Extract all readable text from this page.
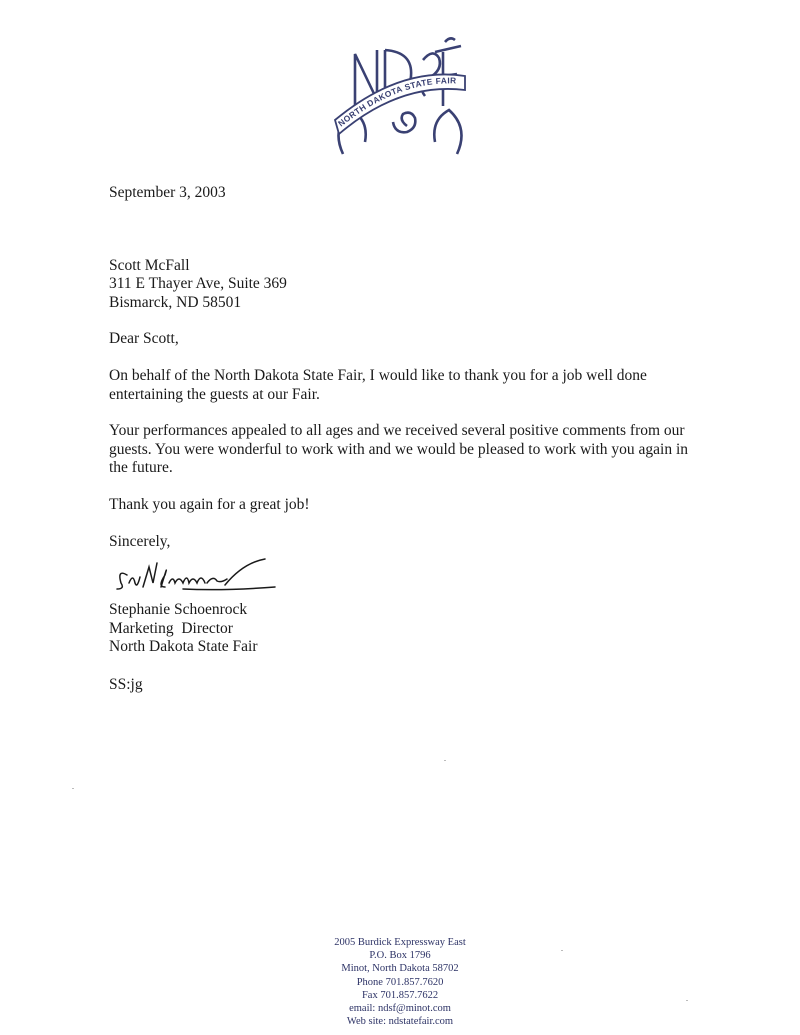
NORTH DAKOTA STATE FAIR

September 3, 2003

Scott McFall
311 E Thayer Ave, Suite 369
Bismarck, ND 58501
Dear Scott,

On behalf of the North Dakota State Fair, I would like to thank you for a job well done entertaining the guests at our Fair.

Your performances appealed to all ages and we received several positive comments from our guests. You were wonderful to work with and we would be pleased to work with you again in the future.

Thank you again for a great job!

Sincerely,
Stephanie Schoenrock
Marketing  Director
North Dakota State Fair
SS:jg
2005 Burdick Expressway East
P.O. Box 1796
Minot, North Dakota 58702
Phone 701.857.7620
Fax 701.857.7622
email: ndsf@minot.com
Web site: ndstatefair.com
